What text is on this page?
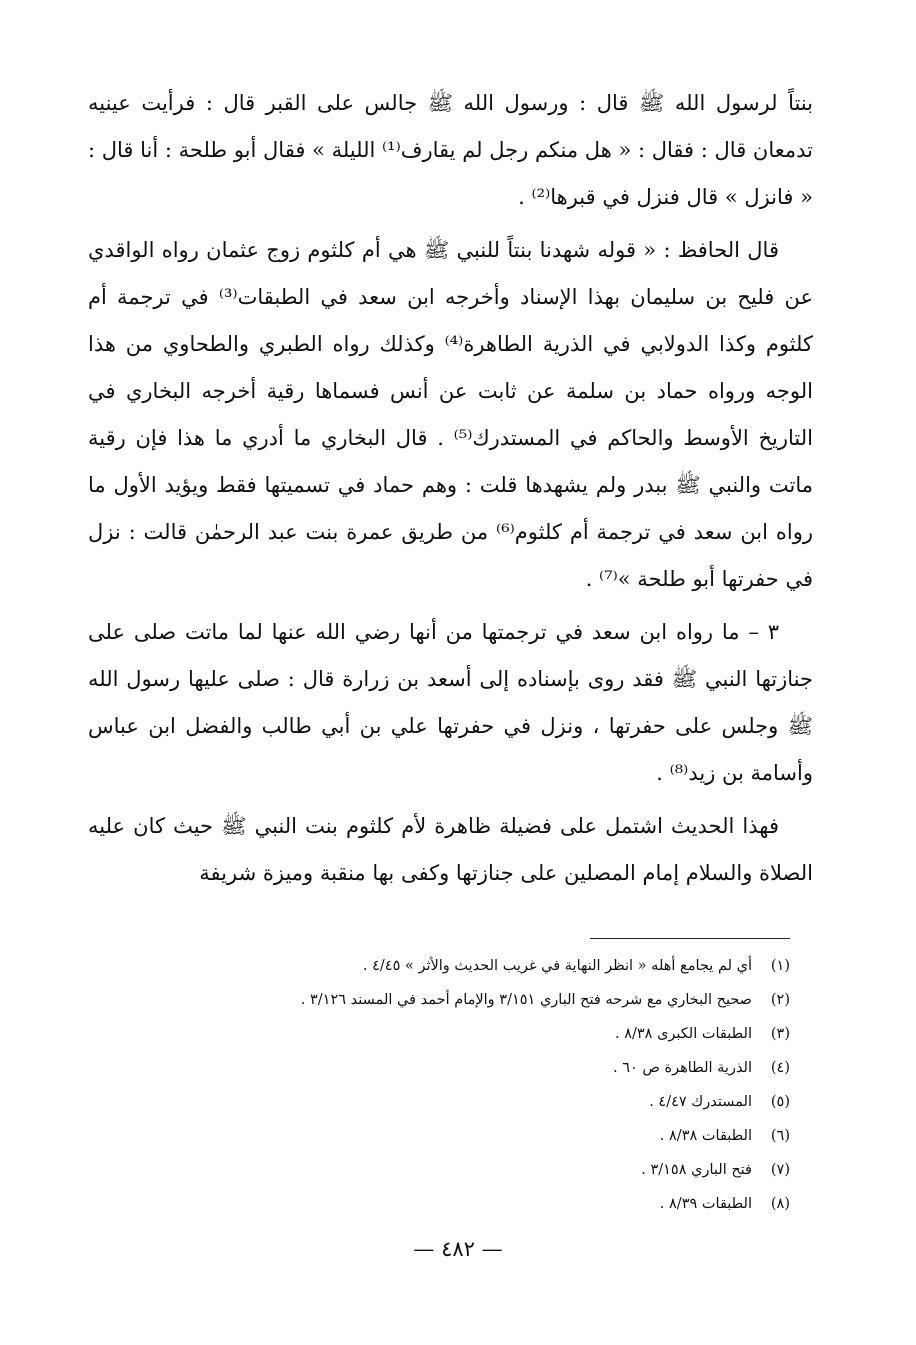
بنتاً لرسول الله ﷺ قال : ورسول الله ﷺ جالس على القبر قال : فرأيت عينيه تدمعان قال : فقال : « هل منكم رجل لم يقارف⁽¹⁾ الليلة » فقال أبو طلحة : أنا قال : « فانزل » قال فنزل في قبرها⁽²⁾ .

قال الحافظ : « قوله شهدنا بنتاً للنبي ﷺ هي أم كلثوم زوج عثمان رواه الواقدي عن فليح بن سليمان بهذا الإسناد وأخرجه ابن سعد في الطبقات⁽³⁾ في ترجمة أم كلثوم وكذا الدولابي في الذرية الطاهرة⁽⁴⁾ وكذلك رواه الطبري والطحاوي من هذا الوجه ورواه حماد بن سلمة عن ثابت عن أنس فسماها رقية أخرجه البخاري في التاريخ الأوسط والحاكم في المستدرك⁽⁵⁾ . قال البخاري ما أدري ما هذا فإن رقية ماتت والنبي ﷺ ببدر ولم يشهدها قلت : وهم حماد في تسميتها فقط ويؤيد الأول ما رواه ابن سعد في ترجمة أم كلثوم⁽⁶⁾ من طريق عمرة بنت عبد الرحمٰن قالت : نزل في حفرتها أبو طلحة »⁽⁷⁾ .

٣ – ما رواه ابن سعد في ترجمتها من أنها رضي الله عنها لما ماتت صلى على جنازتها النبي ﷺ فقد روى بإسناده إلى أسعد بن زرارة قال : صلى عليها رسول الله ﷺ وجلس على حفرتها ، ونزل في حفرتها علي بن أبي طالب والفضل ابن عباس وأسامة بن زيد⁽⁸⁾ .

فهذا الحديث اشتمل على فضيلة ظاهرة لأم كلثوم بنت النبي ﷺ حيث كان عليه الصلاة والسلام إمام المصلين على جنازتها وكفى بها منقبة وميزة شريفة

(١)
أي لم يجامع أهله « انظر النهاية في غريب الحديث والأثر » ٤/٤٥ .
(٢)
صحيح البخاري مع شرحه فتح الباري ٣/١٥١ والإمام أحمد في المسند ٣/١٢٦ .
(٣)
الطبقات الكبرى ٨/٣٨ .
(٤)
الذرية الطاهرة ص ٦٠ .
(٥)
المستدرك ٤/٤٧ .
(٦)
الطبقات ٨/٣٨ .
(٧)
فتح الباري ٣/١٥٨ .
(٨)
الطبقات ٨/٣٩ .
— ٤٨٢ —
